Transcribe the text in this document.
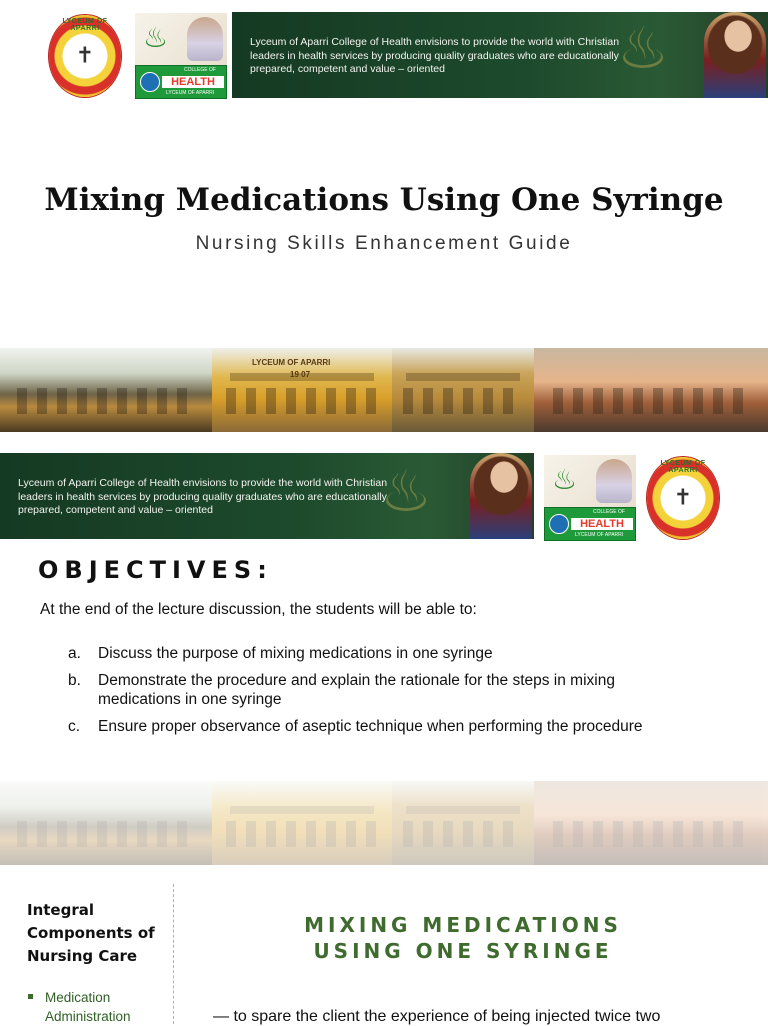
LYCEUM OF APARRI
✝
♨
COLLEGE OF
HEALTH
LYCEUM OF APARRI
♨
Lyceum of Aparri College of Health envisions to provide the world with Christian leaders in health services by producing quality graduates who are educationally prepared, competent and value – oriented
Mixing Medications Using One Syringe
Nursing Skills Enhancement Guide
LYCEUM OF APARRI
19 07
♨
Lyceum of Aparri College of Health envisions to provide the world with Christian leaders in health services by producing quality graduates who are educationally prepared, competent and value – oriented
♨
COLLEGE OF
HEALTH
LYCEUM OF APARRI
LYCEUM OF APARRI
✝
OBJECTIVES:
At the end of the lecture discussion, the students will be able to:
a.	Discuss the purpose of mixing medications in one syringe
b.	Demonstrate the procedure and explain the rationale for the steps in mixing medications in one syringe
c.	Ensure proper observance of aseptic technique when performing the procedure
Integral Components of Nursing Care
Medication Administration
MIXING MEDICATIONS
USING ONE SYRINGE
— to spare the client the experience of being injected twice two
